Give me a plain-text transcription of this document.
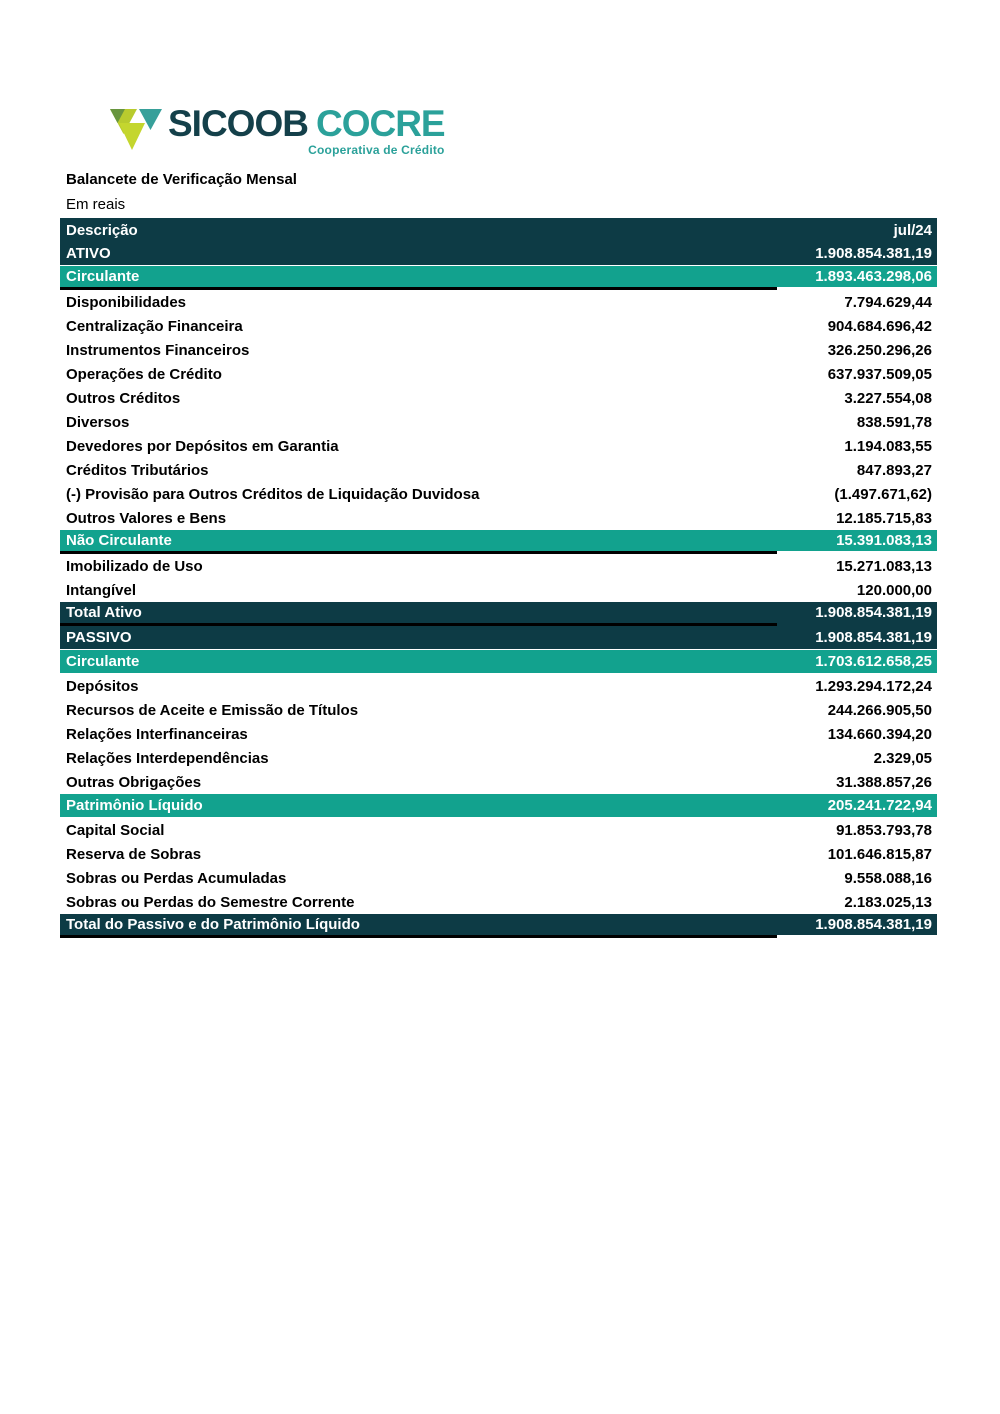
SICOOB COCRE
Cooperativa de Crédito
Balancete de Verificação Mensal
Em reais
Descrição	jul/24
ATIVO	1.908.854.381,19
Circulante	1.893.463.298,06
Disponibilidades	7.794.629,44
Centralização Financeira	904.684.696,42
Instrumentos Financeiros	326.250.296,26
Operações de Crédito	637.937.509,05
Outros Créditos	3.227.554,08
Diversos	838.591,78
Devedores por Depósitos em Garantia	1.194.083,55
Créditos Tributários	847.893,27
(-) Provisão para Outros Créditos de Liquidação Duvidosa	(1.497.671,62)
Outros Valores e Bens	12.185.715,83
Não Circulante	15.391.083,13
Imobilizado de Uso	15.271.083,13
Intangível	120.000,00
Total Ativo	1.908.854.381,19
PASSIVO	1.908.854.381,19
Circulante	1.703.612.658,25
Depósitos	1.293.294.172,24
Recursos de Aceite e Emissão de Títulos	244.266.905,50
Relações Interfinanceiras	134.660.394,20
Relações Interdependências	2.329,05
Outras Obrigações	31.388.857,26
Patrimônio Líquido	205.241.722,94
Capital Social	91.853.793,78
Reserva de Sobras	101.646.815,87
Sobras ou Perdas Acumuladas	9.558.088,16
Sobras ou Perdas do Semestre Corrente	2.183.025,13
Total do Passivo e do Patrimônio Líquido	1.908.854.381,19
